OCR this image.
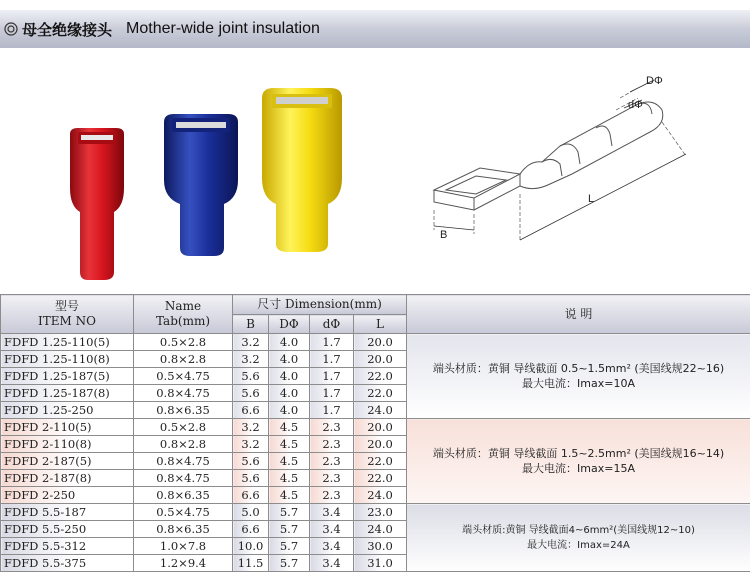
母全绝缘接头 Mother-wide joint insulation
DΦ
dΦ
L
B
型号
ITEM NO	Name
Tab(mm)	尺寸 Dimension(mm)				说 明
		B	DΦ	dΦ	L	
FDFD 1.25-110(5)	0.5×2.8	3.2	4.0	1.7	20.0	端头材质：黄铜 导线截面 0.5~1.5mm² (美国线规22~16)
最大电流：Imax=10A

FDFD 1.25-110(8)	0.8×2.8	3.2	4.0	1.7	20.0	
FDFD 1.25-187(5)	0.5×4.75	5.6	4.0	1.7	22.0	
FDFD 1.25-187(8)	0.8×4.75	5.6	4.0	1.7	22.0	
FDFD 1.25-250	0.8×6.35	6.6	4.0	1.7	24.0	
FDFD 2-110(5)	0.5×2.8	3.2	4.5	2.3	20.0	端头材质：黄铜 导线截面 1.5~2.5mm² (美国线规16~14)
最大电流：Imax=15A

FDFD 2-110(8)	0.8×2.8	3.2	4.5	2.3	20.0	
FDFD 2-187(5)	0.8×4.75	5.6	4.5	2.3	22.0	
FDFD 2-187(8)	0.8×4.75	5.6	4.5	2.3	22.0	
FDFD 2-250	0.8×6.35	6.6	4.5	2.3	24.0	
FDFD 5.5-187	0.5×4.75	5.0	5.7	3.4	23.0	端头材质:黄铜 导线截面4~6mm²(美国线规12~10)
最大电流：Imax=24A

FDFD 5.5-250	0.8×6.35	6.6	5.7	3.4	24.0	
FDFD 5.5-312	1.0×7.8	10.0	5.7	3.4	30.0	
FDFD 5.5-375	1.2×9.4	11.5	5.7	3.4	31.0	
